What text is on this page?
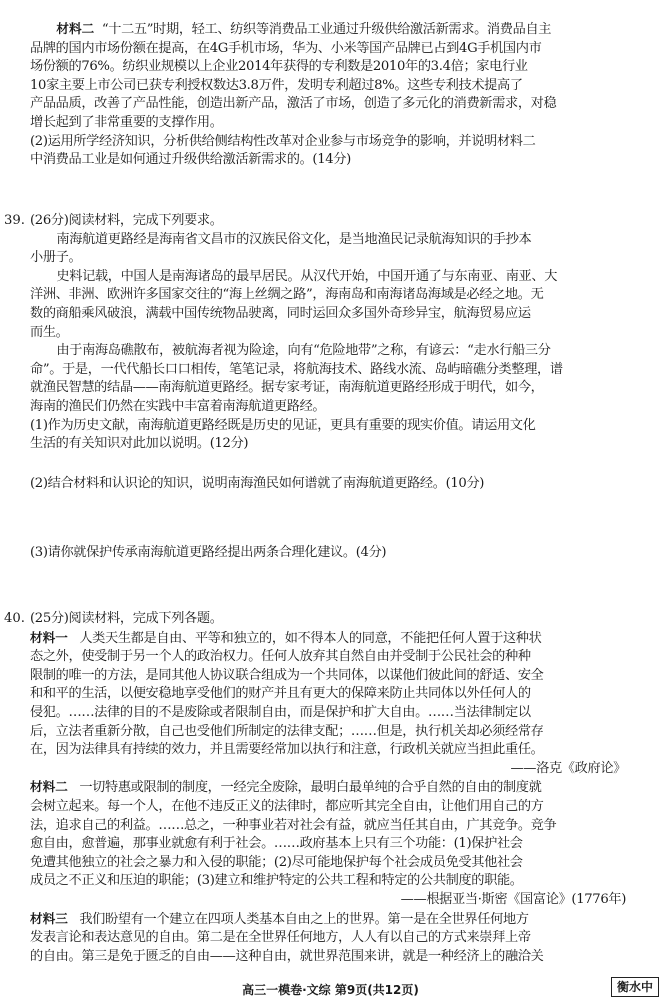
材料二 “十二五”时期，轻工、纺织等消费品工业通过升级供给激活新需求。消费品自主

品牌的国内市场份额在提高，在4G手机市场，华为、小米等国产品牌已占到4G手机国内市

场份额的76%。纺织业规模以上企业2014年获得的专利数是2010年的3.4倍；家电行业

10家主要上市公司已获专利授权数达3.8万件，发明专利超过8%。这些专利技术提高了

产品品质，改善了产品性能，创造出新产品，激活了市场，创造了多元化的消费新需求，对稳

增长起到了非常重要的支撑作用。

(2)运用所学经济知识，分析供给侧结构性改革对企业参与市场竞争的影响，并说明材料二

中消费品工业是如何通过升级供给激活新需求的。(14分)

39. (26分)阅读材料，完成下列要求。

南海航道更路经是海南省文昌市的汉族民俗文化，是当地渔民记录航海知识的手抄本

小册子。

史料记载，中国人是南海诸岛的最早居民。从汉代开始，中国开通了与东南亚、南亚、大

洋洲、非洲、欧洲许多国家交往的“海上丝绸之路”，海南岛和南海诸岛海域是必经之地。无

数的商船乘风破浪，满载中国传统物品驶离，同时运回众多国外奇珍异宝，航海贸易应运

而生。

由于南海岛礁散布，被航海者视为险途，向有“危险地带”之称，有谚云：“走水行船三分

命”。于是，一代代船长口口相传，笔笔记录，将航海技术、路线水流、岛屿暗礁分类整理，谱

就渔民智慧的结晶——南海航道更路经。据专家考证，南海航道更路经形成于明代，如今，

海南的渔民们仍然在实践中丰富着南海航道更路经。

(1)作为历史文献，南海航道更路经既是历史的见证，更具有重要的现实价值。请运用文化

生活的有关知识对此加以说明。(12分)

(2)结合材料和认识论的知识，说明南海渔民如何谱就了南海航道更路经。(10分)
(3)请你就保护传承南海航道更路经提出两条合理化建议。(4分)
40. (25分)阅读材料，完成下列各题。

材料一 人类天生都是自由、平等和独立的，如不得本人的同意，不能把任何人置于这种状

态之外，使受制于另一个人的政治权力。任何人放弃其自然自由并受制于公民社会的种种

限制的唯一的方法，是同其他人协议联合组成为一个共同体，以谋他们彼此间的舒适、安全

和和平的生活，以便安稳地享受他们的财产并且有更大的保障来防止共同体以外任何人的

侵犯。……法律的目的不是废除或者限制自由，而是保护和扩大自由。……当法律制定以

后，立法者重新分散，自己也受他们所制定的法律支配；……但是，执行机关却必须经常存

在，因为法律具有持续的效力，并且需要经常加以执行和注意，行政机关就应当担此重任。

——洛克《政府论》

材料二 一切特惠或限制的制度，一经完全废除，最明白最单纯的合乎自然的自由的制度就

会树立起来。每一个人，在他不违反正义的法律时，都应听其完全自由，让他们用自己的方

法，追求自己的利益。……总之，一种事业若对社会有益，就应当任其自由，广其竞争。竞争

愈自由，愈普遍，那事业就愈有利于社会。……政府基本上只有三个功能：(1)保护社会

免遭其他独立的社会之暴力和入侵的职能；(2)尽可能地保护每个社会成员免受其他社会

成员之不正义和压迫的职能；(3)建立和维护特定的公共工程和特定的公共制度的职能。

——根据亚当·斯密《国富论》(1776年)

材料三 我们盼望有一个建立在四项人类基本自由之上的世界。第一是在全世界任何地方

发表言论和表达意见的自由。第二是在全世界任何地方，人人有以自己的方式来崇拜上帝

的自由。第三是免于匮乏的自由——这种自由，就世界范围来讲，就是一种经济上的融洽关

高三一模卷·文综 第9页(共12页)	衡水中
